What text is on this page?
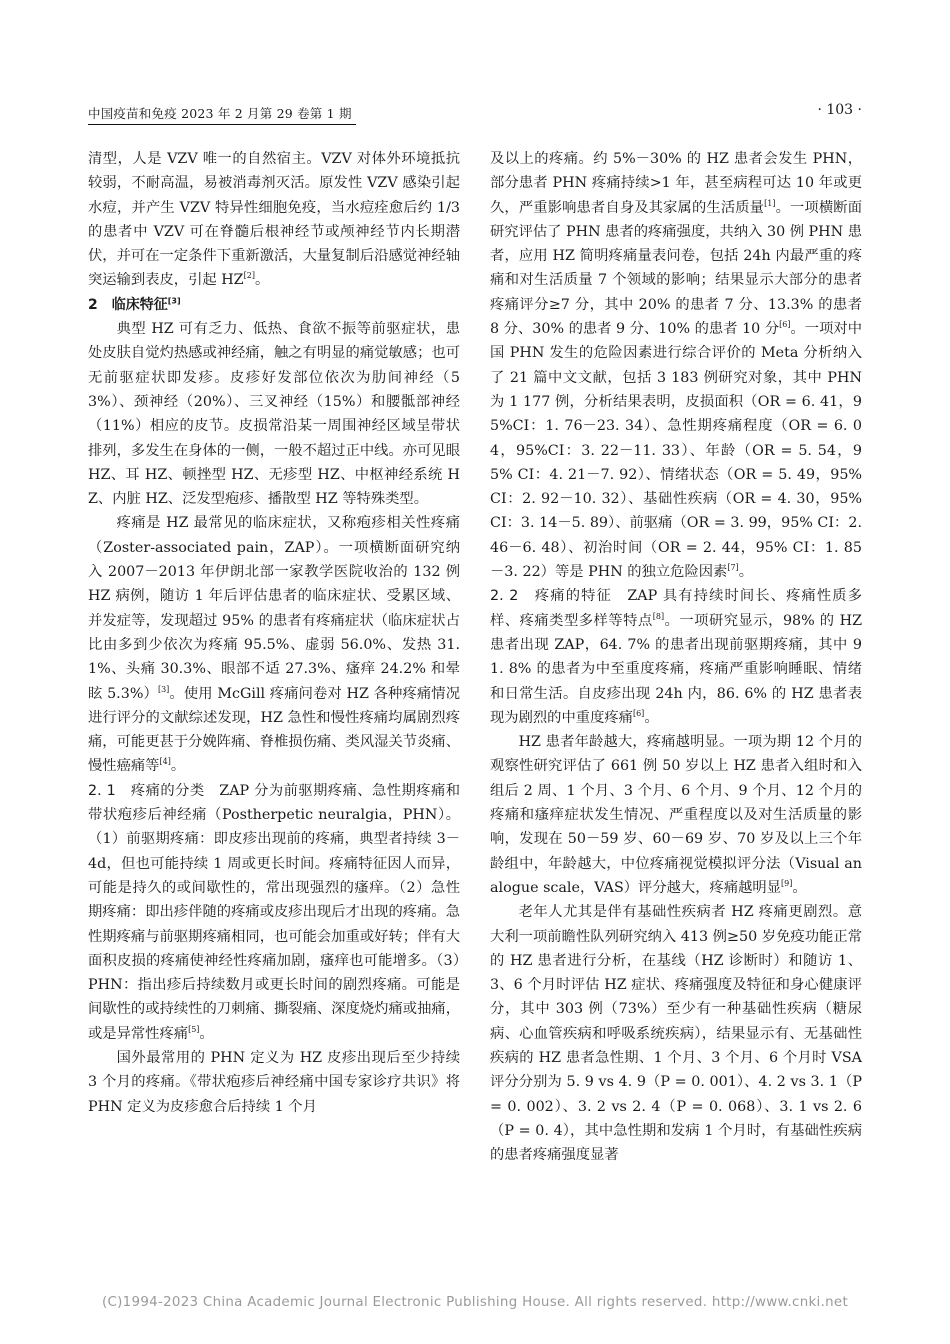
中国疫苗和免疫 2023 年 2 月第 29 卷第 1 期	· 103 ·

清型，人是 VZV 唯一的自然宿主。VZV 对体外环境抵抗较弱，不耐高温，易被消毒剂灭活。原发性 VZV 感染引起水痘，并产生 VZV 特异性细胞免疫，当水痘痊愈后约 1/3 的患者中 VZV 可在脊髓后根神经节或颅神经节内长期潜伏，并可在一定条件下重新激活，大量复制后沿感觉神经轴突运输到表皮，引起 HZ[2]。

2　临床特征[3]

典型 HZ 可有乏力、低热、食欲不振等前驱症状，患处皮肤自觉灼热感或神经痛，触之有明显的痛觉敏感；也可无前驱症状即发疹。皮疹好发部位依次为肋间神经（53%）、颈神经（20%）、三叉神经（15%）和腰骶部神经（11%）相应的皮节。皮损常沿某一周围神经区域呈带状排列，多发生在身体的一侧，一般不超过正中线。亦可见眼 HZ、耳 HZ、顿挫型 HZ、无疹型 HZ、中枢神经系统 HZ、内脏 HZ、泛发型疱疹、播散型 HZ 等特殊类型。

疼痛是 HZ 最常见的临床症状，又称疱疹相关性疼痛（Zoster-associated pain，ZAP）。一项横断面研究纳入 2007－2013 年伊朗北部一家教学医院收治的 132 例 HZ 病例，随访 1 年后评估患者的临床症状、受累区域、并发症等，发现超过 95% 的患者有疼痛症状（临床症状占比由多到少依次为疼痛 95.5%、虚弱 56.0%、发热 31.1%、头痛 30.3%、眼部不适 27.3%、瘙痒 24.2% 和晕眩 5.3%）[3]。使用 McGill 疼痛问卷对 HZ 各种疼痛情况进行评分的文献综述发现，HZ 急性和慢性疼痛均属剧烈疼痛，可能更甚于分娩阵痛、脊椎损伤痛、类风湿关节炎痛、慢性癌痛等[4]。

2. 1　疼痛的分类　 ZAP 分为前驱期疼痛、急性期疼痛和带状疱疹后神经痛（Postherpetic neuralgia，PHN）。（1）前驱期疼痛：即皮疹出现前的疼痛，典型者持续 3－4d，但也可能持续 1 周或更长时间。疼痛特征因人而异，可能是持久的或间歇性的，常出现强烈的瘙痒。（2）急性期疼痛：即出疹伴随的疼痛或皮疹出现后才出现的疼痛。急性期疼痛与前驱期疼痛相同，也可能会加重或好转；伴有大面积皮损的疼痛使神经性疼痛加剧，瘙痒也可能增多。（3）PHN：指出疹后持续数月或更长时间的剧烈疼痛。可能是间歇性的或持续性的刀刺痛、撕裂痛、深度烧灼痛或抽痛，或是异常性疼痛[5]。

国外最常用的 PHN 定义为 HZ 皮疹出现后至少持续 3 个月的疼痛。《带状疱疹后神经痛中国专家诊疗共识》将 PHN 定义为皮疹愈合后持续 1 个月

及以上的疼痛。约 5%－30% 的 HZ 患者会发生 PHN，部分患者 PHN 疼痛持续>1 年，甚至病程可达 10 年或更久，严重影响患者自身及其家属的生活质量[1]。一项横断面研究评估了 PHN 患者的疼痛强度，共纳入 30 例 PHN 患者，应用 HZ 简明疼痛量表问卷，包括 24h 内最严重的疼痛和对生活质量 7 个领域的影响；结果显示大部分的患者疼痛评分≥7 分，其中 20% 的患者 7 分、13.3% 的患者 8 分、30% 的患者 9 分、10% 的患者 10 分[6]。一项对中国 PHN 发生的危险因素进行综合评价的 Meta 分析纳入了 21 篇中文文献，包括 3 183 例研究对象，其中 PHN 为 1 177 例，分析结果表明，皮损面积（OR = 6. 41，95%CI：1. 76－23. 34）、急性期疼痛程度（OR = 6. 04，95%CI：3. 22－11. 33）、年龄（OR = 5. 54，95% CI：4. 21－7. 92）、情绪状态（OR = 5. 49，95% CI：2. 92－10. 32）、基础性疾病（OR = 4. 30，95% CI：3. 14－5. 89）、前驱痛（OR = 3. 99，95% CI：2. 46－6. 48）、初治时间（OR = 2. 44，95% CI：1. 85－3. 22）等是 PHN 的独立危险因素[7]。

2. 2　疼痛的特征　 ZAP 具有持续时间长、疼痛性质多样、疼痛类型多样等特点[8]。一项研究显示，98% 的 HZ 患者出现 ZAP，64. 7% 的患者出现前驱期疼痛，其中 91. 8% 的患者为中至重度疼痛，疼痛严重影响睡眠、情绪和日常生活。自皮疹出现 24h 内，86. 6% 的 HZ 患者表现为剧烈的中重度疼痛[6]。

HZ 患者年龄越大，疼痛越明显。一项为期 12 个月的观察性研究评估了 661 例 50 岁以上 HZ 患者入组时和入组后 2 周、1 个月、3 个月、6 个月、9 个月、12 个月的疼痛和瘙痒症状发生情况、严重程度以及对生活质量的影响，发现在 50－59 岁、60－69 岁、70 岁及以上三个年龄组中，年龄越大，中位疼痛视觉模拟评分法（Visual analogue scale，VAS）评分越大，疼痛越明显[9]。

老年人尤其是伴有基础性疾病者 HZ 疼痛更剧烈。意大利一项前瞻性队列研究纳入 413 例≥50 岁免疫功能正常的 HZ 患者进行分析，在基线（HZ 诊断时）和随访 1、3、6 个月时评估 HZ 症状、疼痛强度及特征和身心健康评分，其中 303 例（73%）至少有一种基础性疾病（糖尿病、心血管疾病和呼吸系统疾病），结果显示有、无基础性疾病的 HZ 患者急性期、1 个月、3 个月、6 个月时 VSA 评分分别为 5. 9 vs 4. 9（P = 0. 001）、4. 2 vs 3. 1（P = 0. 002）、3. 2 vs 2. 4（P = 0. 068）、3. 1 vs 2. 6（P = 0. 4），其中急性期和发病 1 个月时，有基础性疾病的患者疼痛强度显著

(C)1994-2023 China Academic Journal Electronic Publishing House. All rights reserved. http://www.cnki.net
